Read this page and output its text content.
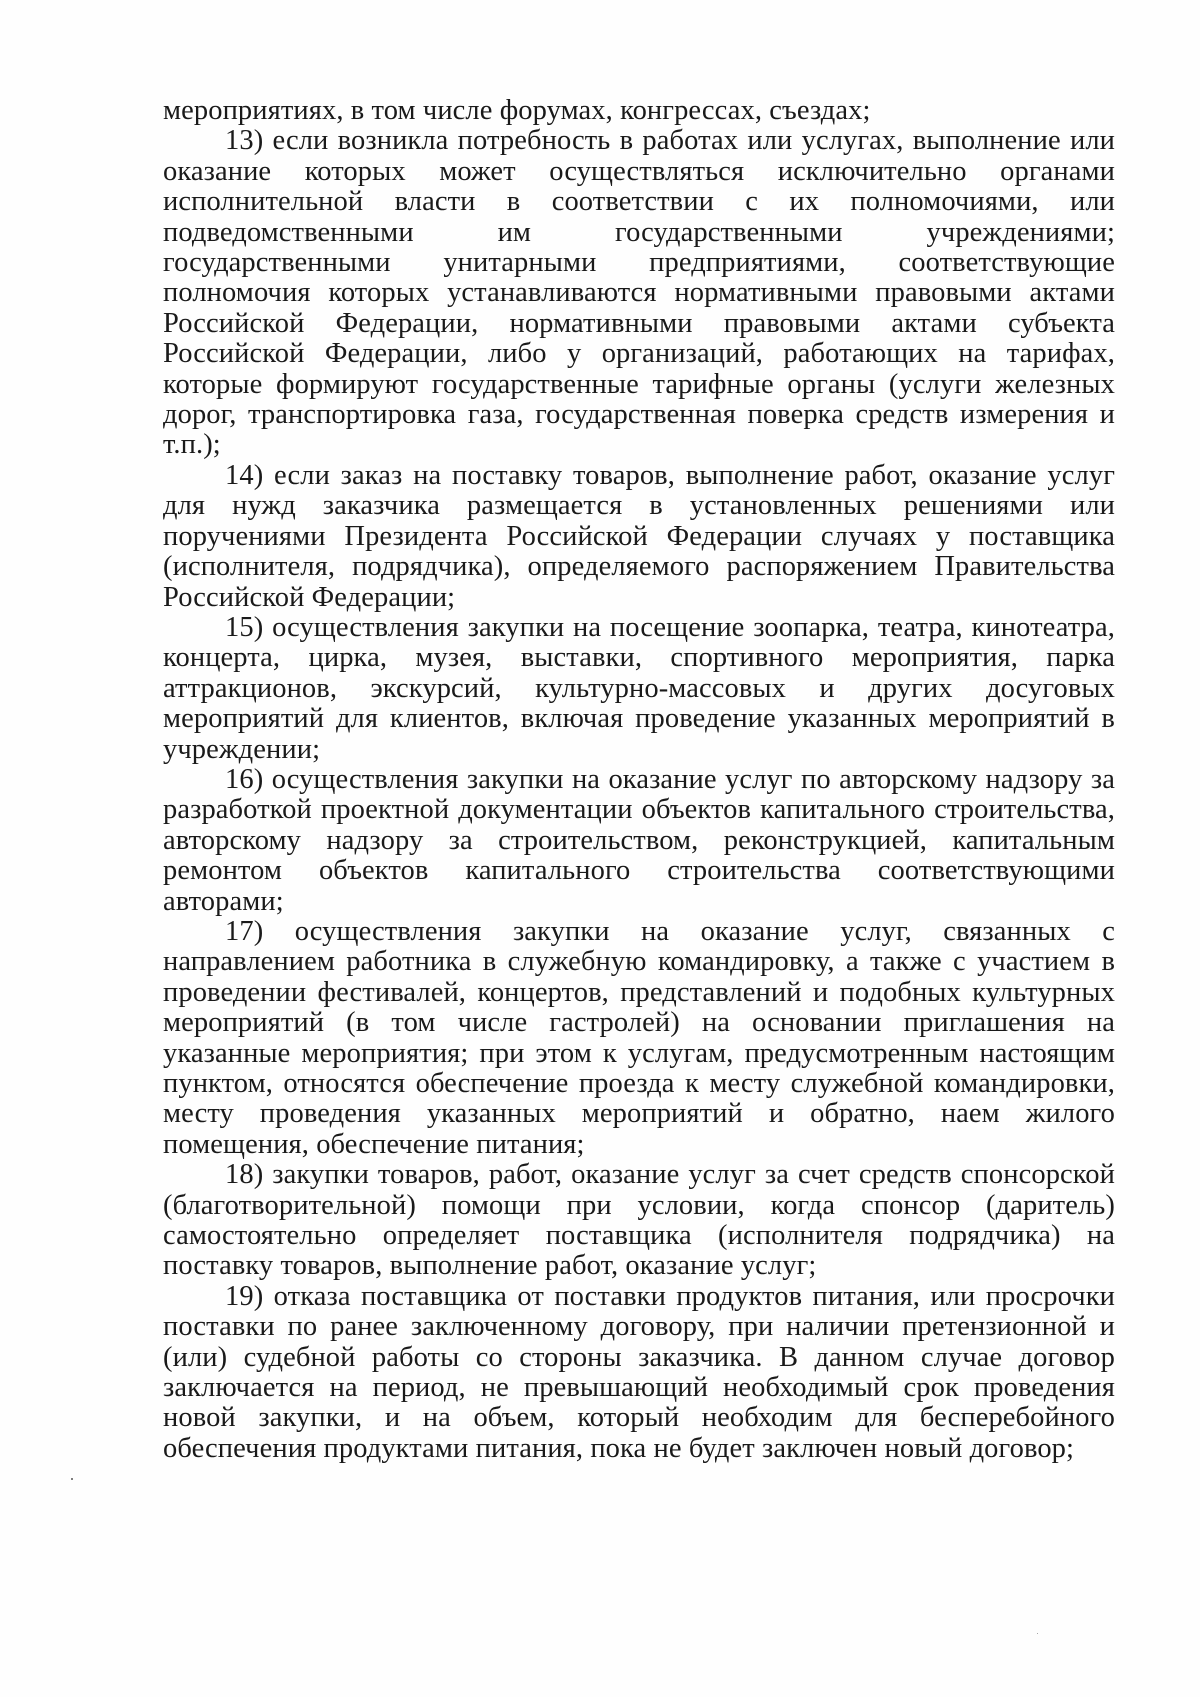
мероприятиях, в том числе форумах, конгрессах, съездах;

13) если возникла потребность в работах или услугах, выполнение или оказание которых может осуществляться исключительно органами исполнительной власти в соответствии с их полномочиями, или подведомственными им государственными учреждениями; государственными унитарными предприятиями, соответствующие полномочия которых устанавливаются нормативными правовыми актами Российской Федерации, нормативными правовыми актами субъекта Российской Федерации, либо у организаций, работающих на тарифах, которые формируют государственные тарифные органы (услуги железных дорог, транспортировка газа, государственная поверка средств измерения и т.п.);

14) если заказ на поставку товаров, выполнение работ, оказание услуг для нужд заказчика размещается в установленных решениями или поручениями Президента Российской Федерации случаях у поставщика (исполнителя, подрядчика), определяемого распоряжением Правительства Российской Федерации;

15) осуществления закупки на посещение зоопарка, театра, кинотеатра, концерта, цирка, музея, выставки, спортивного мероприятия, парка аттракционов, экскурсий, культурно-массовых и других досуговых мероприятий для клиентов, включая проведение указанных мероприятий в учреждении;

16) осуществления закупки на оказание услуг по авторскому надзору за разработкой проектной документации объектов капитального строительства, авторскому надзору за строительством, реконструкцией, капитальным ремонтом объектов капитального строительства соответствующими авторами;

17) осуществления закупки на оказание услуг, связанных с направлением работника в служебную командировку, а также с участием в проведении фестивалей, концертов, представлений и подобных культурных мероприятий (в том числе гастролей) на основании приглашения на указанные мероприятия; при этом к услугам, предусмотренным настоящим пунктом, относятся обеспечение проезда к месту служебной командировки, месту проведения указанных мероприятий и обратно, наем жилого помещения, обеспечение питания;

18) закупки товаров, работ, оказание услуг за счет средств спонсорской (благотворительной) помощи при условии, когда спонсор (даритель) самостоятельно определяет поставщика (исполнителя подрядчика) на поставку товаров, выполнение работ, оказание услуг;

19) отказа поставщика от поставки продуктов питания, или просрочки поставки по ранее заключенному договору, при наличии претензионной и (или) судебной работы со стороны заказчика. В данном случае договор заключается на период, не превышающий необходимый срок проведения новой закупки, и на объем, который необходим для бесперебойного обеспечения продуктами питания, пока не будет заключен новый договор;
